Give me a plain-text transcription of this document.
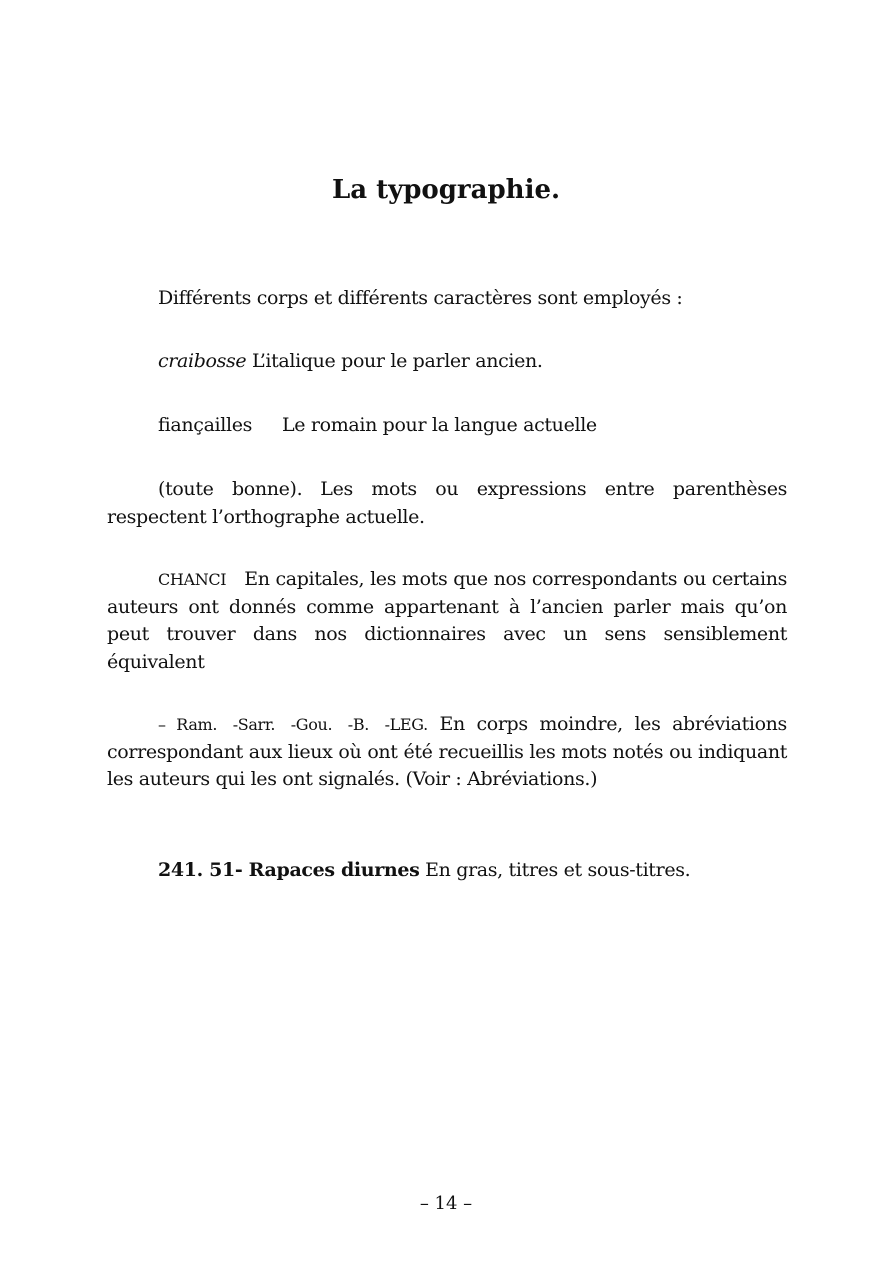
La typographie.

Différents corps et différents caractères sont employés :

craibosse L’italique pour le parler ancien.

fiançailles Le romain pour la langue actuelle

(toute bonne). Les mots ou expressions entre parenthèses respectent l’orthographe actuelle.

CHANCI En capitales, les mots que nos correspondants ou certains auteurs ont donnés comme appartenant à l’ancien parler mais qu’on peut trouver dans nos dictionnaires avec un sens sensiblement équivalent

– Ram. -Sarr. -Gou. -B. -LEG. En corps moindre, les abréviations correspondant aux lieux où ont été recueillis les mots notés ou indiquant les auteurs qui les ont signalés. (Voir : Abréviations.)

241. 51- Rapaces diurnes En gras, titres et sous-titres.

– 14 –
